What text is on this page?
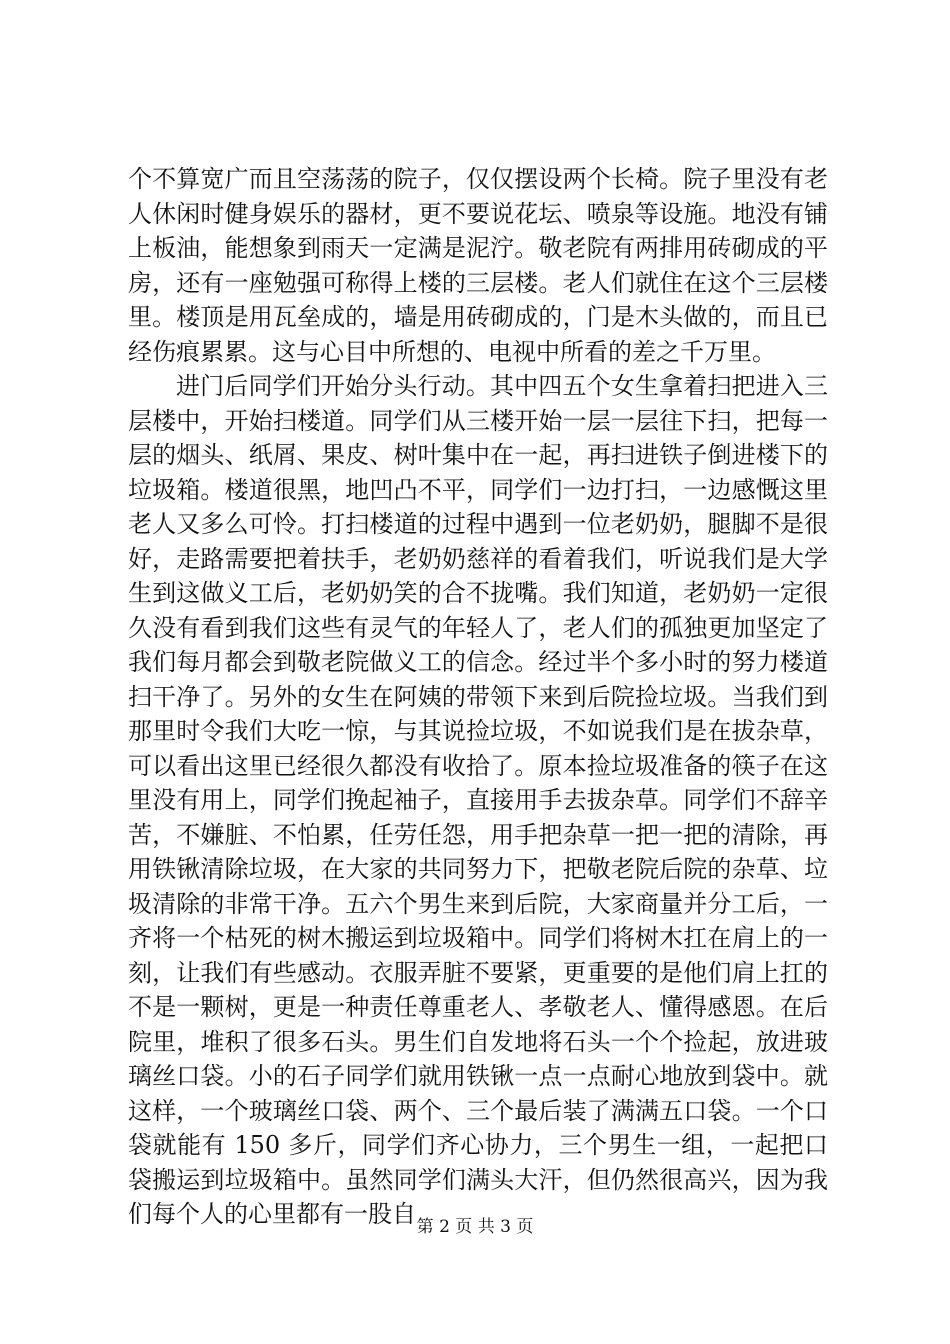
个不算宽广而且空荡荡的院子，仅仅摆设两个长椅。院子里没有老人休闲时健身娱乐的器材，更不要说花坛、喷泉等设施。地没有铺上板油，能想象到雨天一定满是泥泞。敬老院有两排用砖砌成的平房，还有一座勉强可称得上楼的三层楼。老人们就住在这个三层楼里。楼顶是用瓦垒成的，墙是用砖砌成的，门是木头做的，而且已经伤痕累累。这与心目中所想的、电视中所看的差之千万里。

进门后同学们开始分头行动。其中四五个女生拿着扫把进入三层楼中，开始扫楼道。同学们从三楼开始一层一层往下扫，把每一层的烟头、纸屑、果皮、树叶集中在一起，再扫进铁子倒进楼下的垃圾箱。楼道很黑，地凹凸不平，同学们一边打扫，一边感慨这里老人又多么可怜。打扫楼道的过程中遇到一位老奶奶，腿脚不是很好，走路需要把着扶手，老奶奶慈祥的看着我们，听说我们是大学生到这做义工后，老奶奶笑的合不拢嘴。我们知道，老奶奶一定很久没有看到我们这些有灵气的年轻人了，老人们的孤独更加坚定了我们每月都会到敬老院做义工的信念。经过半个多小时的努力楼道扫干净了。另外的女生在阿姨的带领下来到后院捡垃圾。当我们到那里时令我们大吃一惊，与其说捡垃圾，不如说我们是在拔杂草，可以看出这里已经很久都没有收拾了。原本捡垃圾准备的筷子在这里没有用上，同学们挽起袖子，直接用手去拔杂草。同学们不辞辛苦，不嫌脏、不怕累，任劳任怨，用手把杂草一把一把的清除，再用铁锹清除垃圾，在大家的共同努力下，把敬老院后院的杂草、垃圾清除的非常干净。五六个男生来到后院，大家商量并分工后，一齐将一个枯死的树木搬运到垃圾箱中。同学们将树木扛在肩上的一刻，让我们有些感动。衣服弄脏不要紧，更重要的是他们肩上扛的不是一颗树，更是一种责任尊重老人、孝敬老人、懂得感恩。在后院里，堆积了很多石头。男生们自发地将石头一个个捡起，放进玻璃丝口袋。小的石子同学们就用铁锹一点一点耐心地放到袋中。就这样，一个玻璃丝口袋、两个、三个最后装了满满五口袋。一个口袋就能有 150 多斤，同学们齐心协力，三个男生一组，一起把口袋搬运到垃圾箱中。虽然同学们满头大汗，但仍然很高兴，因为我们每个人的心里都有一股自 第 2 页 共 3 页
